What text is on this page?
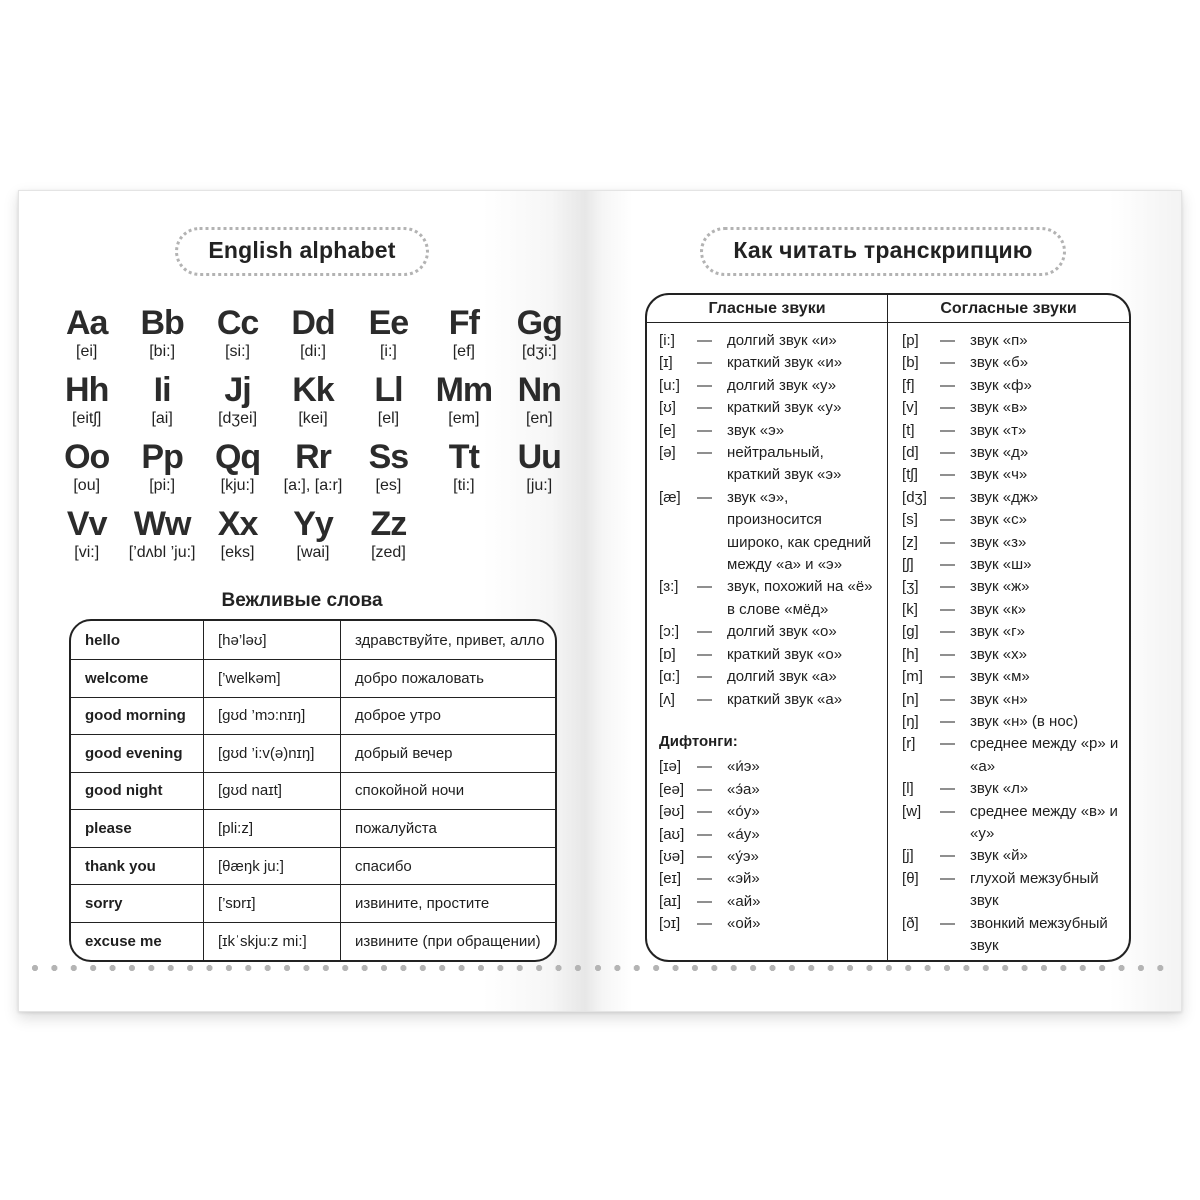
English alphabet
Aa
[ei]
Bb
[bi:]
Cc
[si:]
Dd
[di:]
Ee
[i:]
Ff
[ef]
Gg
[dʒi:]
Hh
[eitʃ]
Ii
[ai]
Jj
[dʒei]
Kk
[kei]
Ll
[el]
Mm
[em]
Nn
[en]
Oo
[ou]
Pp
[pi:]
Qq
[kju:]
Rr
[a:], [a:r]
Ss
[es]
Tt
[ti:]
Uu
[ju:]
Vv
[vi:]
Ww
[’dʌbl ’ju:]
Xx
[eks]
Yy
[wai]
Zz
[zed]
Вежливые слова
hello	[hə’ləʊ]	здравствуйте, привет, алло
welcome	[’welkəm]	добро пожаловать
good morning	[gʊd ’mɔ:nɪŋ]	доброе утро
good evening	[gʊd ’i:v(ə)nɪŋ]	добрый вечер
good night	[gʊd naɪt]	спокойной ночи
please	[pli:z]	пожалуйста
thank you	[θæŋk ju:]	спасибо
sorry	[’sɒrɪ]	извините, простите
excuse me	[ɪkˈskju:z mi:]	извините (при обращении)
Как читать транскрипцию
Гласные звуки	Согласные звуки
[i:]	—	долгий звук «и»
[ɪ]	—	краткий звук «и»
[u:]	—	долгий звук «у»
[ʊ]	—	краткий звук «у»
[e]	—	звук «э»
[ə]	—	нейтральный, краткий звук «э»
[æ]	—	звук «э», произносится широко, как средний между «а» и «э»
[ɜ:]	—	звук, похожий на «ё» в слове «мёд»
[ɔ:]	—	долгий звук «о»
[ɒ]	—	краткий звук «о»
[ɑ:]	—	долгий звук «а»
[ʌ]	—	краткий звук «а»
Дифтонги:
[ɪə]	—	«и́э»
[eə] —	«э́а»
[əʊ] —	«о́у»
[aʊ] —	«а́у»
[ʊə] —	«у́э»
[eɪ]	—	«эй»
[aɪ]	—	«ай»
[ɔɪ]	—	«ой»
[p]	—	звук «п»
[b]	—	звук «б»
[f]	—	звук «ф»
[v]	—	звук «в»
[t]	—	звук «т»
[d]	—	звук «д»
[tʃ]	—	звук «ч»
[dʒ] —	звук «дж»
[s]	—	звук «с»
[z]	—	звук «з»
[ʃ]	—	звук «ш»
[ʒ]	—	звук «ж»
[k]	—	звук «к»
[g]	—	звук «г»
[h]	—	звук «х»
[m]	—	звук «м»
[n]	—	звук «н»
[ŋ]	—	звук «н» (в нос)
[r]	—	среднее между «р» и «а»
[l]	—	звук «л»
[w]	—	среднее между «в» и «у»
[j]	—	звук «й»
[θ]	—	глухой межзубный звук
[ð]	—	звонкий межзубный звук
